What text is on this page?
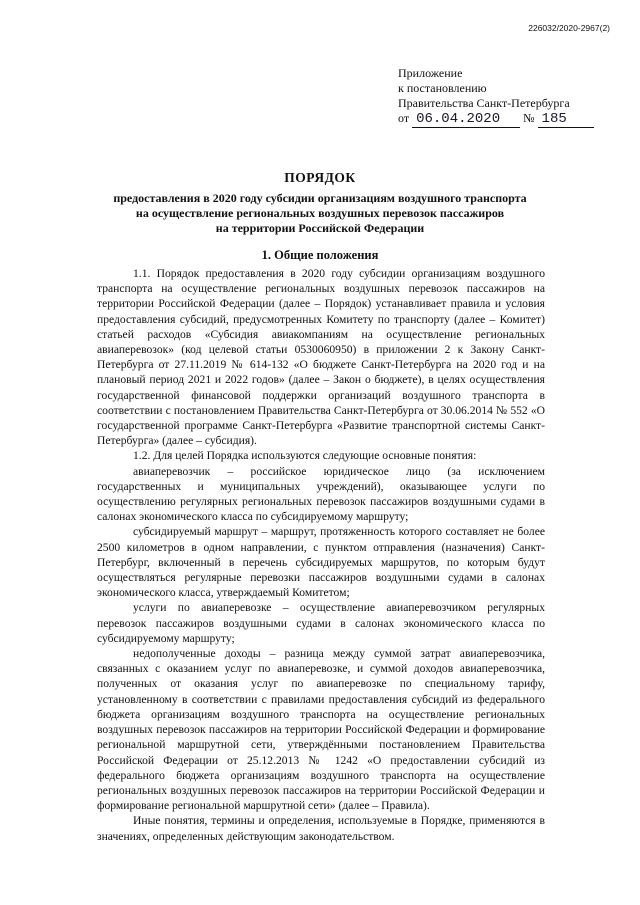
226032/2020-2967(2)
Приложение
к постановлению
Правительства Санкт-Петербурга
от 06.04.2020 № 185
ПОРЯДОК
предоставления в 2020 году субсидии организациям воздушного транспорта
на осуществление региональных воздушных перевозок пассажиров
на территории Российской Федерации
1. Общие положения

1.1. Порядок предоставления в 2020 году субсидии организациям воздушного транспорта на осуществление региональных воздушных перевозок пассажиров на территории Российской Федерации (далее – Порядок) устанавливает правила и условия предоставления субсидий, предусмотренных Комитету по транспорту (далее – Комитет) статьей расходов «Субсидия авиакомпаниям на осуществление региональных авиаперевозок» (код целевой статьи 0530060950) в приложении 2 к Закону Санкт-Петербурга от 27.11.2019 № 614-132 «О бюджете Санкт-Петербурга на 2020 год и на плановый период 2021 и 2022 годов» (далее – Закон о бюджете), в целях осуществления государственной финансовой поддержки организаций воздушного транспорта в соответствии с постановлением Правительства Санкт-Петербурга от 30.06.2014 № 552 «О государственной программе Санкт-Петербурга «Развитие транспортной системы Санкт-Петербурга» (далее – субсидия).

1.2. Для целей Порядка используются следующие основные понятия:

авиаперевозчик – российское юридическое лицо (за исключением государственных и муниципальных учреждений), оказывающее услуги по осуществлению регулярных региональных перевозок пассажиров воздушными судами в салонах экономического класса по субсидируемому маршруту;

субсидируемый маршрут – маршрут, протяженность которого составляет не более 2500 километров в одном направлении, с пунктом отправления (назначения) Санкт-Петербург, включенный в перечень субсидируемых маршрутов, по которым будут осуществляться регулярные перевозки пассажиров воздушными судами в салонах экономического класса, утверждаемый Комитетом;

услуги по авиаперевозке – осуществление авиаперевозчиком регулярных перевозок пассажиров воздушными судами в салонах экономического класса по субсидируемому маршруту;

недополученные доходы – разница между суммой затрат авиаперевозчика, связанных с оказанием услуг по авиаперевозке, и суммой доходов авиаперевозчика, полученных от оказания услуг по авиаперевозке по специальному тарифу, установленному в соответствии с правилами предоставления субсидий из федерального бюджета организациям воздушного транспорта на осуществление региональных воздушных перевозок пассажиров на территории Российской Федерации и формирование региональной маршрутной сети, утверждёнными постановлением Правительства Российской Федерации от 25.12.2013 № 1242 «О предоставлении субсидий из федерального бюджета организациям воздушного транспорта на осуществление региональных воздушных перевозок пассажиров на территории Российской Федерации и формирование региональной маршрутной сети» (далее – Правила).

Иные понятия, термины и определения, используемые в Порядке, применяются в значениях, определенных действующим законодательством.
